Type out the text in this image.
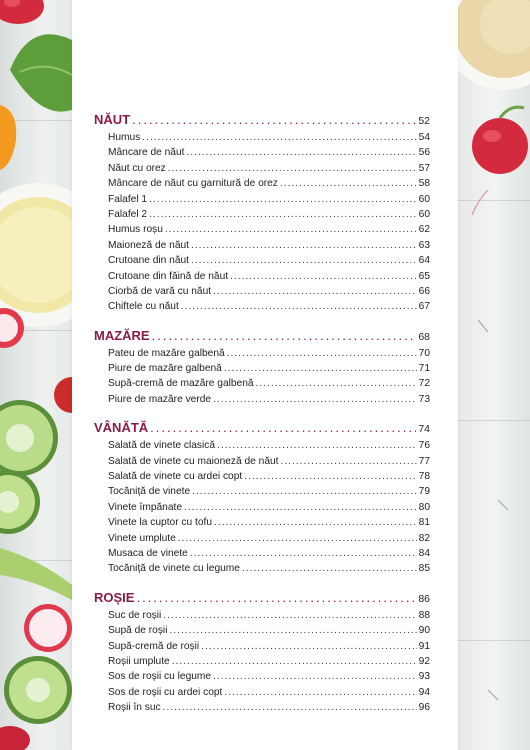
NĂUT .....	52
Humus .....	54
Mâncare de năut .....	56
Năut cu orez .....	57
Mâncare de năut cu garnitură de orez .....	58
Falafel 1 .....	60
Falafel 2 .....	60
Humus roșu .....	62
Maioneză de năut .....	63
Crutoane din năut .....	64
Crutoane din făină de năut .....	65
Ciorbă de vară cu năut .....	66
Chiftele cu năut .....	67
MAZĂRE .....	68
Pateu de mazăre galbenă .....	70
Piure de mazăre galbenă .....	71
Supă-cremă de mazăre galbenă .....	72
Piure de mazăre verde .....	73
VÂNĂTĂ .....	74
Salată de vinete clasică .....	76
Salată de vinete cu maioneză de năut .....	77
Salată de vinete cu ardei copt .....	78
Tocăniță de vinete .....	79
Vinete împănate .....	80
Vinete la cuptor cu tofu .....	81
Vinete umplute .....	82
Musaca de vinete .....	84
Tocăniță de vinete cu legume .....	85
ROȘIE .....	86
Suc de roșii .....	88
Supă de roșii .....	90
Supă-cremă de roșii .....	91
Roșii umplute .....	92
Sos de roșii cu legume .....	93
Sos de roșii cu ardei copt .....	94
Roșii în suc .....	96
